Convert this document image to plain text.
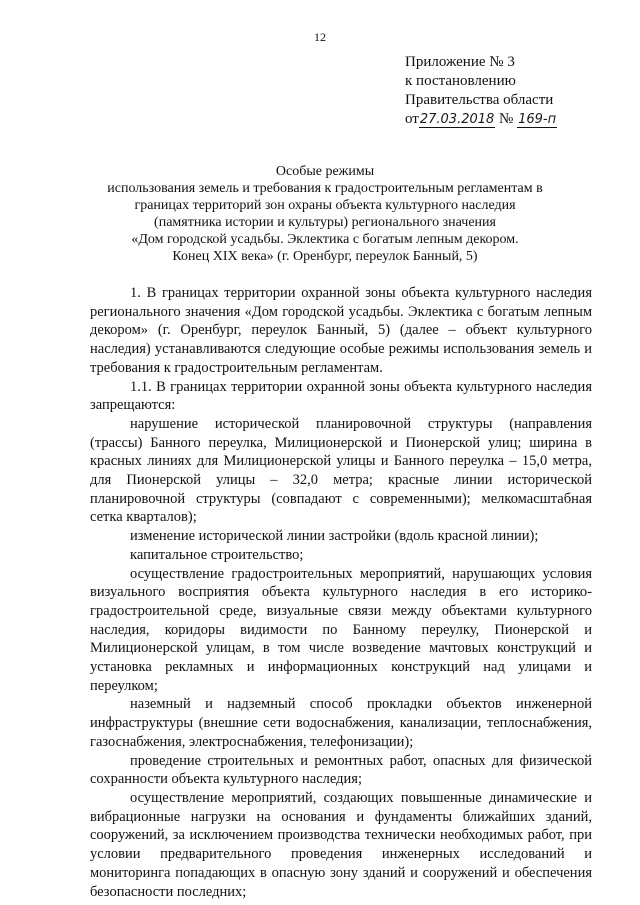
12
Приложение № 3
к постановлению
Правительства области
от27.03.2018 № 169-п
Особые режимы
использования земель и требования к градостроительным регламентам в
границах территорий зон охраны объекта культурного наследия
(памятника истории и культуры) регионального значения
«Дом городской усадьбы. Эклектика с богатым лепным декором.
Конец XIX века» (г. Оренбург, переулок Банный, 5)

1. В границах территории охранной зоны объекта культурного наследия регионального значения «Дом городской усадьбы. Эклектика с богатым лепным декором» (г. Оренбург, переулок Банный, 5) (далее – объект культурного наследия) устанавливаются следующие особые режимы использования земель и требования к градостроительным регламентам.

1.1. В границах территории охранной зоны объекта культурного наследия запрещаются:

нарушение исторической планировочной структуры (направления (трассы) Банного переулка, Милиционерской и Пионерской улиц; ширина в красных линиях для Милиционерской улицы и Банного переулка – 15,0 метра, для Пионерской улицы – 32,0 метра; красные линии исторической планировочной структуры (совпадают с современными); мелкомасштабная сетка кварталов);

изменение исторической линии застройки (вдоль красной линии);

капитальное строительство;

осуществление градостроительных мероприятий, нарушающих условия визуального восприятия объекта культурного наследия в его историко-градостроительной среде, визуальные связи между объектами культурного наследия, коридоры видимости по Банному переулку, Пионерской и Милиционерской улицам, в том числе возведение мачтовых конструкций и установка рекламных и информационных конструкций над улицами и переулком;

наземный и надземный способ прокладки объектов инженерной инфраструктуры (внешние сети водоснабжения, канализации, теплоснабжения, газоснабжения, электроснабжения, телефонизации);

проведение строительных и ремонтных работ, опасных для физической сохранности объекта культурного наследия;

осуществление мероприятий, создающих повышенные динамические и вибрационные нагрузки на основания и фундаменты ближайших зданий, сооружений, за исключением производства технически необходимых работ, при условии предварительного проведения инженерных исследований и мониторинга попадающих в опасную зону зданий и сооружений и обеспечения безопасности последних;
